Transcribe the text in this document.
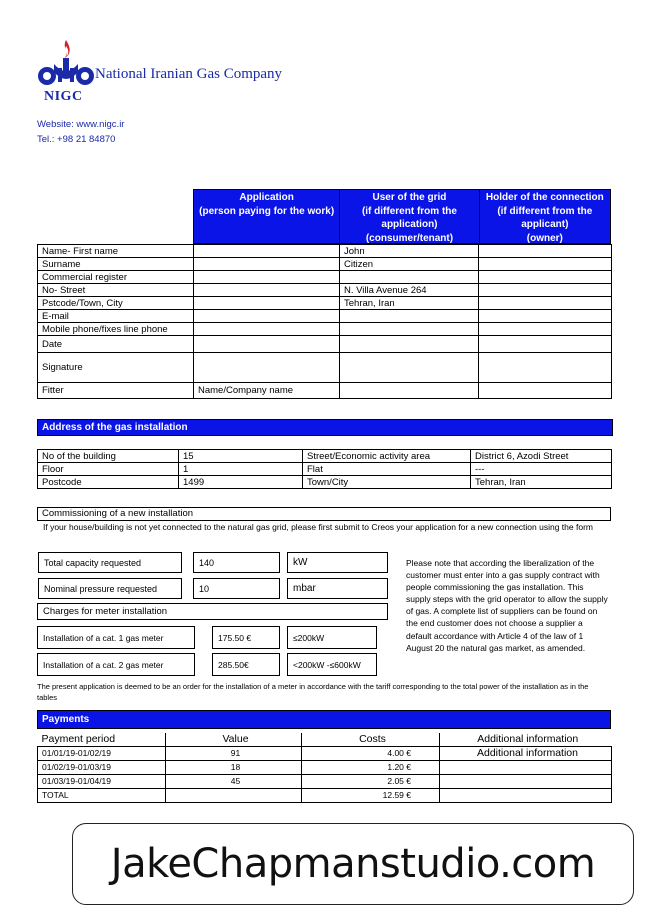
NIGC
National Iranian Gas Company
Website: www.nigc.ir
Tel.: +98 21 84870
Application
(person paying for the work)
User of the grid
(if different from the
application)
(consumer/tenant)
Holder of the connection
(if different from the
applicant)
(owner)
Name- First name		John	
Surname		Citizen	
Commercial register			
No- Street		N. Villa Avenue 264	
Pstcode/Town, City		Tehran, Iran	
E-mail			
Mobile phone/fixes line phone			
Date			
Signature			
Fitter	Name/Company name		
Address of the gas installation
No of the building	15	Street/Economic activity area	District 6, Azodi Street
Floor	1	Flat	---
Postcode	1499	Town/City	Tehran, Iran
Commissioning of a new installation
If your house/building is not yet connected to the natural gas grid, please first submit to Creos your application for a new connection using the form
Total capacity requested	140	kW
Nominal pressure requested	10	mbar
Charges for meter installation
Please note that according the liberalization of the customer must enter into a gas supply contract with people commissioning the gas installation. This supply steps with the grid operator to allow the supply of gas. A complete list of suppliers can be found on the end customer does not choose a supplier a default accordance with Article 4 of the law of 1 August 20 the natural gas market, as amended.
Installation of a cat. 1 gas meter	175.50 €	≤200kW
Installation of a cat. 2 gas meter	285.50€	<200kW -≤600kW
The present application is deemed to be an order for the installation of a meter in accordance with the tariff corresponding to the total power of the installation as in the tables
Payments
Payment period	Value	Costs	Additional information
01/01/19-01/02/19	91	4.00 €	Additional information
01/02/19-01/03/19	18	1.20 €	
01/03/19-01/04/19	45	2.05 €	
TOTAL		12.59 €	
JakeChapmanstudio.com
